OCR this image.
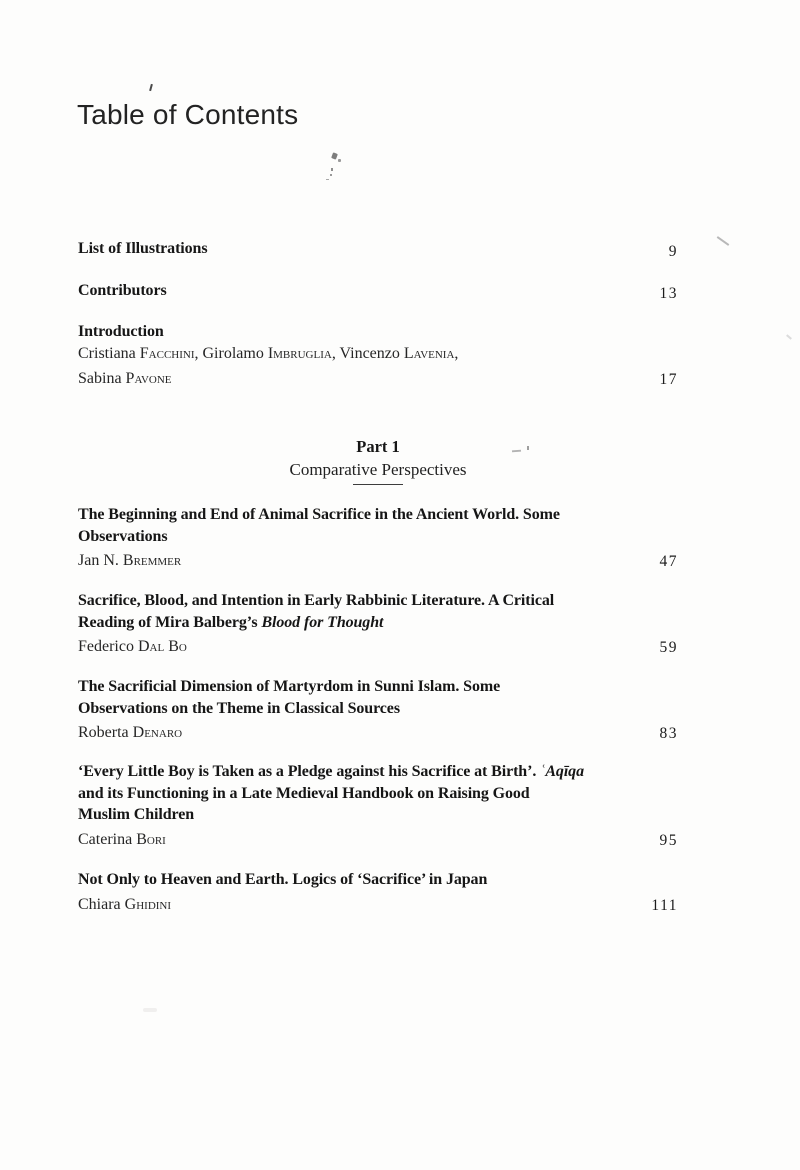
Table of Contents
List of Illustrations	9
Contributors	13
Introduction
Cristiana Facchini, Girolamo Imbruglia, Vincenzo Lavenia,
Sabina Pavone	17
Part 1
Comparative Perspectives
The Beginning and End of Animal Sacrifice in the Ancient World. Some
Observations
Jan N. Bremmer	47
Sacrifice, Blood, and Intention in Early Rabbinic Literature. A Critical
Reading of Mira Balberg’s Blood for Thought
Federico Dal Bo	59
The Sacrificial Dimension of Martyrdom in Sunni Islam. Some
Observations on the Theme in Classical Sources
Roberta Denaro	83
‘Every Little Boy is Taken as a Pledge against his Sacrifice at Birth’. ʿAqīqa
and its Functioning in a Late Medieval Handbook on Raising Good
Muslim Children
Caterina Bori	95
Not Only to Heaven and Earth. Logics of ‘Sacrifice’ in Japan
Chiara Ghidini	111
